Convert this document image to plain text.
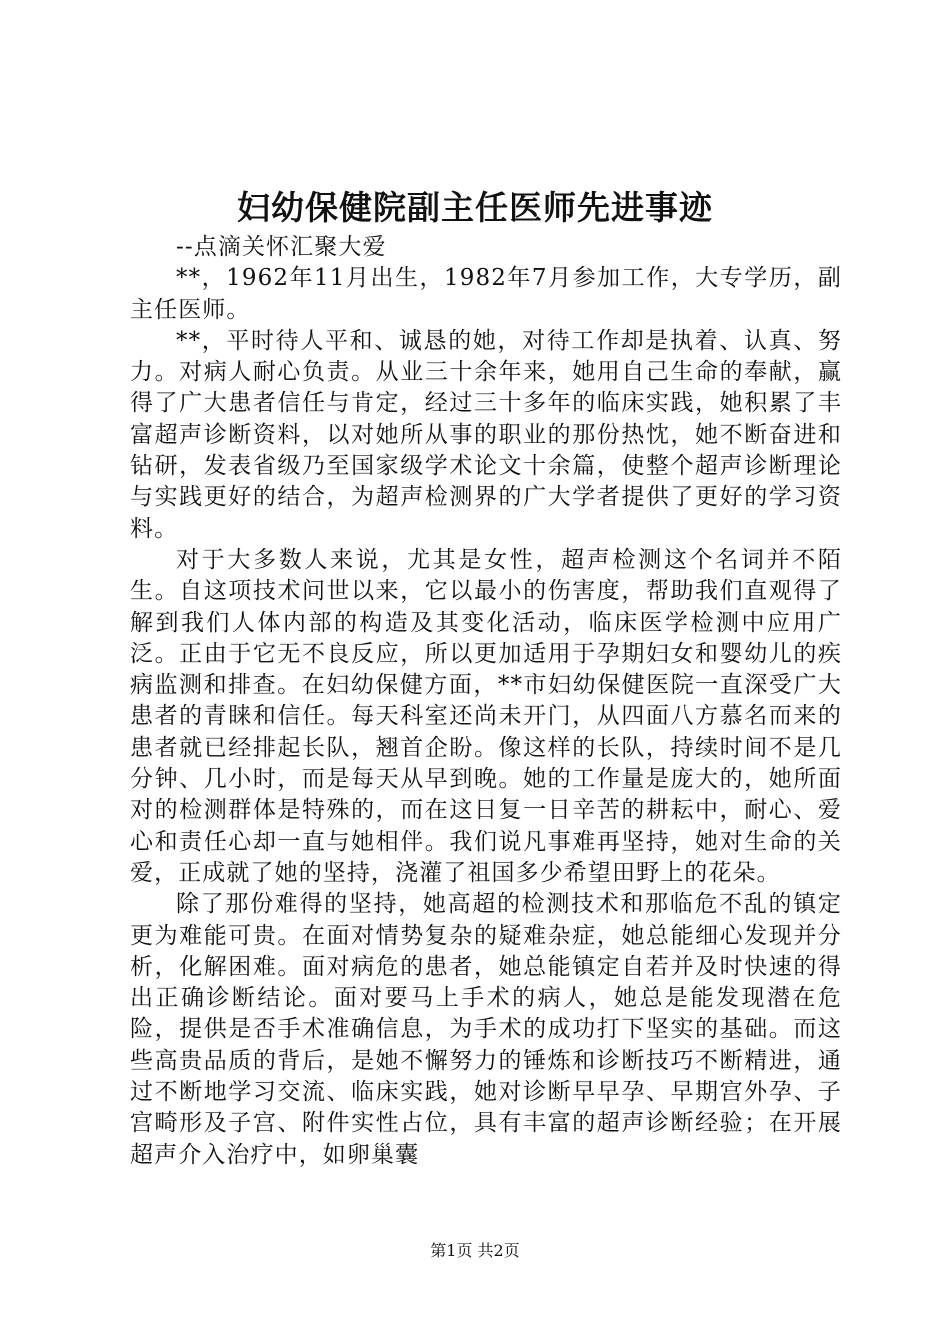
妇幼保健院副主任医师先进事迹

--点滴关怀汇聚大爱

**，1962年11月出生，1982年7月参加工作，大专学历，副主任医师。

**，平时待人平和、诚恳的她，对待工作却是执着、认真、努力。对病人耐心负责。从业三十余年来，她用自己生命的奉献，赢得了广大患者信任与肯定，经过三十多年的临床实践，她积累了丰富超声诊断资料，以对她所从事的职业的那份热忱，她不断奋进和钻研，发表省级乃至国家级学术论文十余篇，使整个超声诊断理论与实践更好的结合，为超声检测界的广大学者提供了更好的学习资料。

对于大多数人来说，尤其是女性，超声检测这个名词并不陌生。自这项技术问世以来，它以最小的伤害度，帮助我们直观得了解到我们人体内部的构造及其变化活动，临床医学检测中应用广泛。正由于它无不良反应，所以更加适用于孕期妇女和婴幼儿的疾病监测和排查。在妇幼保健方面，**市妇幼保健医院一直深受广大患者的青睐和信任。每天科室还尚未开门，从四面八方慕名而来的患者就已经排起长队，翘首企盼。像这样的长队，持续时间不是几分钟、几小时，而是每天从早到晚。她的工作量是庞大的，她所面对的检测群体是特殊的，而在这日复一日辛苦的耕耘中，耐心、爱心和责任心却一直与她相伴。我们说凡事难再坚持，她对生命的关爱，正成就了她的坚持，浇灌了祖国多少希望田野上的花朵。

除了那份难得的坚持，她高超的检测技术和那临危不乱的镇定更为难能可贵。在面对情势复杂的疑难杂症，她总能细心发现并分析，化解困难。面对病危的患者，她总能镇定自若并及时快速的得出正确诊断结论。面对要马上手术的病人，她总是能发现潜在危险，提供是否手术准确信息，为手术的成功打下坚实的基础。而这些高贵品质的背后，是她不懈努力的锤炼和诊断技巧不断精进，通过不断地学习交流、临床实践，她对诊断早早孕、早期宫外孕、子宫畸形及子宫、附件实性占位，具有丰富的超声诊断经验；在开展超声介入治疗中，如卵巢囊

第1页 共2页
